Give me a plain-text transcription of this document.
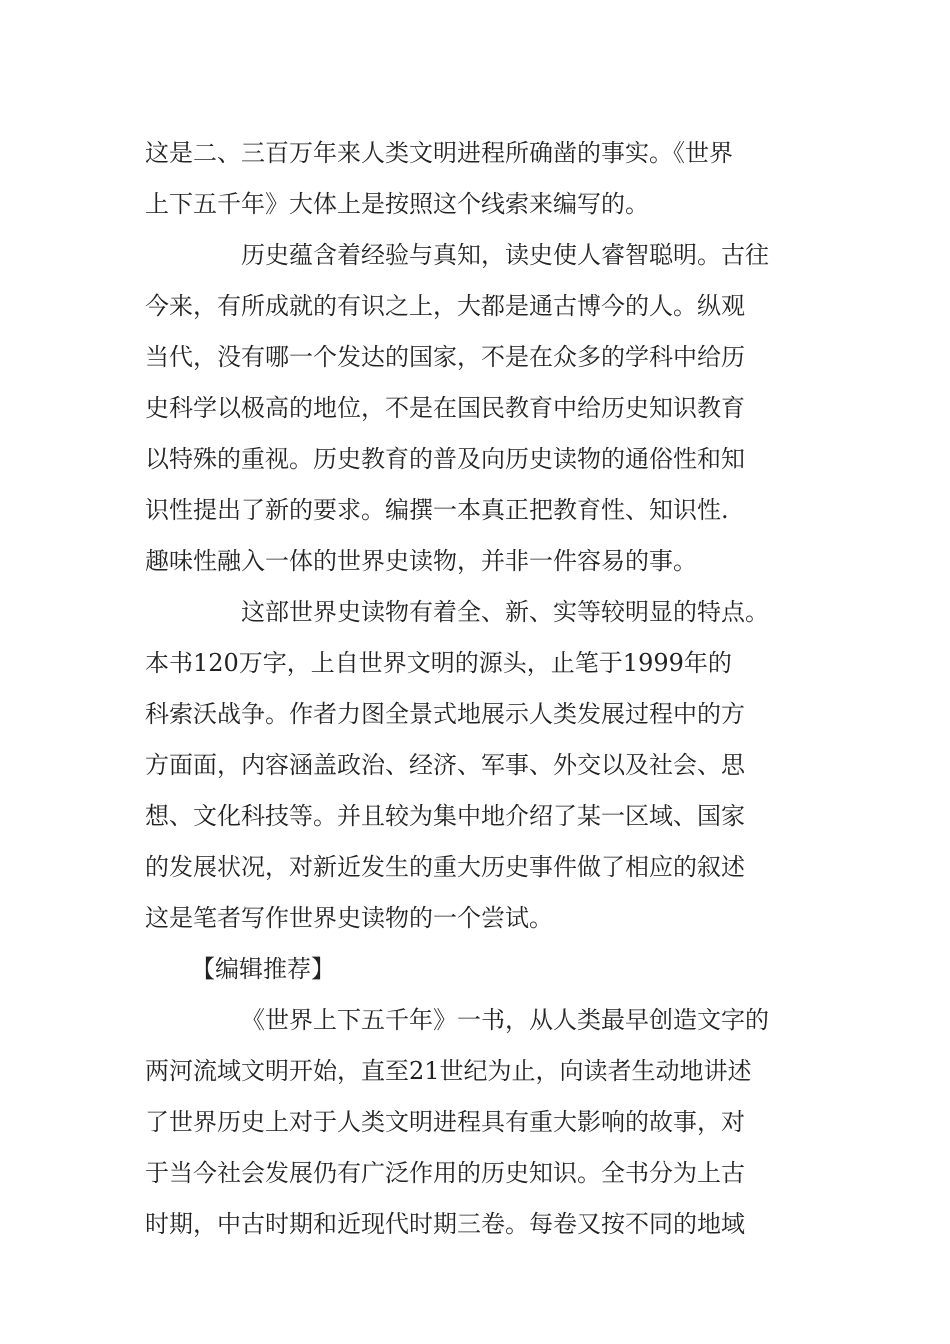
这是二、三百万年来人类文明进程所确凿的事实。《世界
上下五千年》大体上是按照这个线索来编写的。
历史蕴含着经验与真知，读史使人睿智聪明。古往
今来，有所成就的有识之上，大都是通古博今的人。纵观
当代，没有哪一个发达的国家，不是在众多的学科中给历
史科学以极高的地位，不是在国民教育中给历史知识教育
以特殊的重视。历史教育的普及向历史读物的通俗性和知
识性提出了新的要求。编撰一本真正把教育性、知识性.
趣味性融入一体的世界史读物，并非一件容易的事。
这部世界史读物有着全、新、实等较明显的特点。
本书120万字，上自世界文明的源头，止笔于1999年的
科索沃战争。作者力图全景式地展示人类发展过程中的方
方面面，内容涵盖政治、经济、军事、外交以及社会、思
想、文化科技等。并且较为集中地介绍了某一区域、国家
的发展状况，对新近发生的重大历史事件做了相应的叙述
这是笔者写作世界史读物的一个尝试。
【编辑推荐】
《世界上下五千年》一书，从人类最早创造文字的
两河流域文明开始，直至21世纪为止，向读者生动地讲述
了世界历史上对于人类文明进程具有重大影响的故事，对
于当今社会发展仍有广泛作用的历史知识。全书分为上古
时期，中古时期和近现代时期三卷。每卷又按不同的地域
